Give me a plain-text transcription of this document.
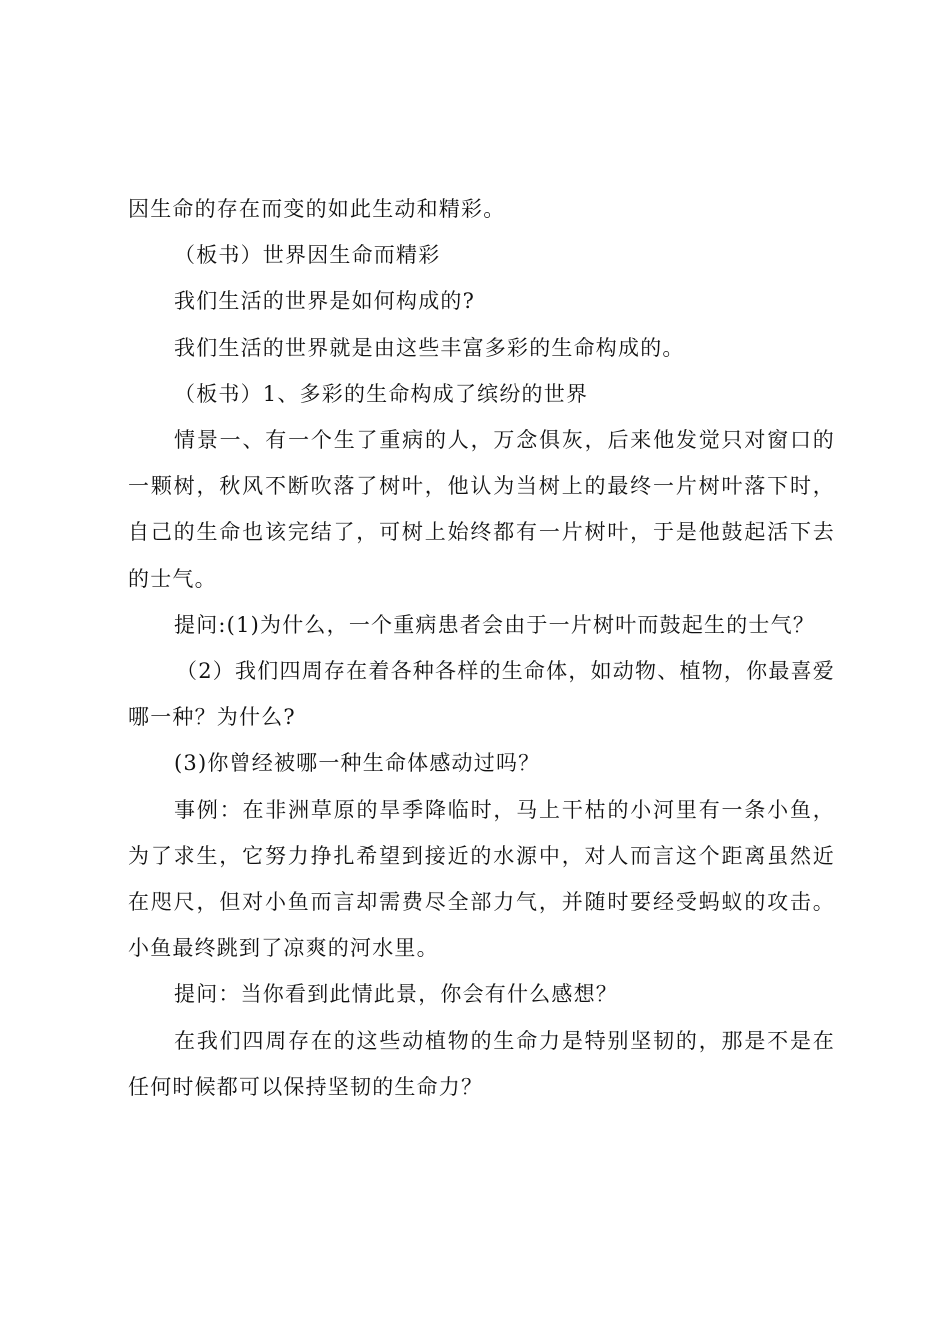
因生命的存在而变的如此生动和精彩。

（板书）世界因生命而精彩

我们生活的世界是如何构成的?

我们生活的世界就是由这些丰富多彩的生命构成的。

（板书）1、多彩的生命构成了缤纷的世界

情景一、有一个生了重病的人，万念俱灰，后来他发觉只对窗口的一颗树，秋风不断吹落了树叶，他认为当树上的最终一片树叶落下时，自己的生命也该完结了，可树上始终都有一片树叶，于是他鼓起活下去的士气。

提问:(1)为什么，一个重病患者会由于一片树叶而鼓起生的士气？

（2）我们四周存在着各种各样的生命体，如动物、植物，你最喜爱哪一种？为什么?

(3)你曾经被哪一种生命体感动过吗？

事例：在非洲草原的旱季降临时，马上干枯的小河里有一条小鱼，为了求生，它努力挣扎希望到接近的水源中，对人而言这个距离虽然近在咫尺，但对小鱼而言却需费尽全部力气，并随时要经受蚂蚁的攻击。小鱼最终跳到了凉爽的河水里。

提问：当你看到此情此景，你会有什么感想？

在我们四周存在的这些动植物的生命力是特别坚韧的，那是不是在任何时候都可以保持坚韧的生命力？
